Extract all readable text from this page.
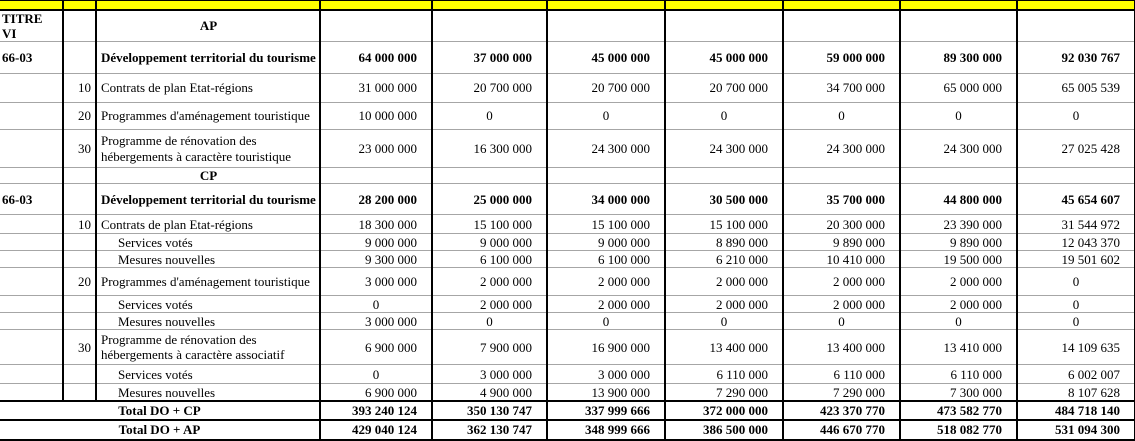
TITRE VI		AP							
66-03		Développement territorial du tourisme	64 000 000	37 000 000	45 000 000	45 000 000	59 000 000	89 300 000	92 030 767
	10	Contrats de plan Etat-régions	31 000 000	20 700 000	20 700 000	20 700 000	34 700 000	65 000 000	65 005 539
	20	Programmes d'aménagement touristique	10 000 000	0	0	0	0	0	0
	30	Programme de rénovation des hébergements à caractère touristique	23 000 000	16 300 000	24 300 000	24 300 000	24 300 000	24 300 000	27 025 428
		CP							
66-03		Développement territorial du tourisme	28 200 000	25 000 000	34 000 000	30 500 000	35 700 000	44 800 000	45 654 607
	10	Contrats de plan Etat-régions	18 300 000	15 100 000	15 100 000	15 100 000	20 300 000	23 390 000	31 544 972
		Services votés	9 000 000	9 000 000	9 000 000	8 890 000	9 890 000	9 890 000	12 043 370
		Mesures nouvelles	9 300 000	6 100 000	6 100 000	6 210 000	10 410 000	19 500 000	19 501 602
	20	Programmes d'aménagement touristique	3 000 000	2 000 000	2 000 000	2 000 000	2 000 000	2 000 000	0
		Services votés	0	2 000 000	2 000 000	2 000 000	2 000 000	2 000 000	0
		Mesures nouvelles	3 000 000	0	0	0	0	0	0
	30	Programme de rénovation des hébergements à caractère associatif	6 900 000	7 900 000	16 900 000	13 400 000	13 400 000	13 410 000	14 109 635
		Services votés	0	3 000 000	3 000 000	6 110 000	6 110 000	6 110 000	6 002 007
		Mesures nouvelles	6 900 000	4 900 000	13 900 000	7 290 000	7 290 000	7 300 000	8 107 628
Total DO + CP			393 240 124	350 130 747	337 999 666	372 000 000	423 370 770	473 582 770	484 718 140
Total DO + AP			429 040 124	362 130 747	348 999 666	386 500 000	446 670 770	518 082 770	531 094 300
